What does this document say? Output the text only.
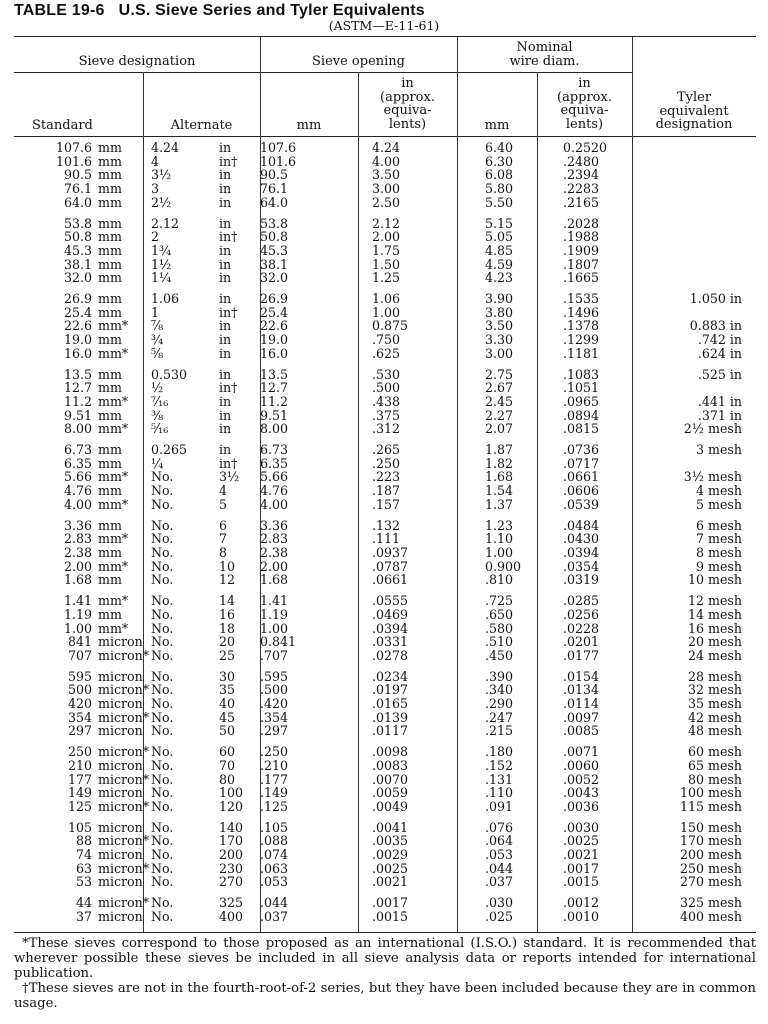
TABLE 19-6 U.S. Sieve Series and Tyler Equivalents
(ASTM—E-11-61)
Sieve designation	Sieve opening
Nominal
wire diam.
Standard	Alternate	mm
in
(approx.
equiva-
lents)	mm
in
(approx.
equiva-
lents)
Tyler
equivalent
designation
107.6 mm	4.24 in	107.6	4.24	6.40	0.2520	
101.6 mm	4 in†	101.6	4.00	6.30	.2480	
90.5 mm	3½ in	90.5	3.50	6.08	.2394	
76.1 mm	3 in	76.1	3.00	5.80	.2283	
64.0 mm	2½ in	64.0	2.50	5.50	.2165	

53.8 mm	2.12 in	53.8	2.12	5.15	.2028	
50.8 mm	2 in†	50.8	2.00	5.05	.1988	
45.3 mm	1¾ in	45.3	1.75	4.85	.1909	
38.1 mm	1½ in	38.1	1.50	4.59	.1807	
32.0 mm	1¼ in	32.0	1.25	4.23	.1665	

26.9 mm	1.06 in	26.9	1.06	3.90	.1535	1.050 in
25.4 mm	1 in†	25.4	1.00	3.80	.1496	
22.6 mm*	⅞ in	22.6	0.875	3.50	.1378	0.883 in
19.0 mm	¾ in	19.0	.750	3.30	.1299	.742 in
16.0 mm*	⅝ in	16.0	.625	3.00	.1181	.624 in

13.5 mm	0.530 in	13.5	.530	2.75	.1083	.525 in
12.7 mm	½ in†	12.7	.500	2.67	.1051	
11.2 mm*	⁷⁄₁₆ in	11.2	.438	2.45	.0965	.441 in
9.51 mm	⅜ in	9.51	.375	2.27	.0894	.371 in
8.00 mm*	⁵⁄₁₆ in	8.00	.312	2.07	.0815	2½ mesh

6.73 mm	0.265 in	6.73	.265	1.87	.0736	3 mesh
6.35 mm	¼ in†	6.35	.250	1.82	.0717	
5.66 mm*	No. 3½	5.66	.223	1.68	.0661	3½ mesh
4.76 mm	No. 4	4.76	.187	1.54	.0606	4 mesh
4.00 mm*	No. 5	4.00	.157	1.37	.0539	5 mesh

3.36 mm	No. 6	3.36	.132	1.23	.0484	6 mesh
2.83 mm*	No. 7	2.83	.111	1.10	.0430	7 mesh
2.38 mm	No. 8	2.38	.0937	1.00	.0394	8 mesh
2.00 mm*	No. 10	2.00	.0787	0.900	.0354	9 mesh
1.68 mm	No. 12	1.68	.0661	.810	.0319	10 mesh

1.41 mm*	No. 14	1.41	.0555	.725	.0285	12 mesh
1.19 mm	No. 16	1.19	.0469	.650	.0256	14 mesh
1.00 mm*	No. 18	1.00	.0394	.580	.0228	16 mesh
841 micron	No. 20	0.841	.0331	.510	.0201	20 mesh
707 micron*	No. 25	.707	.0278	.450	.0177	24 mesh

595 micron	No. 30	.595	.0234	.390	.0154	28 mesh
500 micron*	No. 35	.500	.0197	.340	.0134	32 mesh
420 micron	No. 40	.420	.0165	.290	.0114	35 mesh
354 micron*	No. 45	.354	.0139	.247	.0097	42 mesh
297 micron	No. 50	.297	.0117	.215	.0085	48 mesh

250 micron*	No. 60	.250	.0098	.180	.0071	60 mesh
210 micron	No. 70	.210	.0083	.152	.0060	65 mesh
177 micron*	No. 80	.177	.0070	.131	.0052	80 mesh
149 micron	No. 100	.149	.0059	.110	.0043	100 mesh
125 micron*	No. 120	.125	.0049	.091	.0036	115 mesh

105 micron	No. 140	.105	.0041	.076	.0030	150 mesh
88 micron*	No. 170	.088	.0035	.064	.0025	170 mesh
74 micron	No. 200	.074	.0029	.053	.0021	200 mesh
63 micron*	No. 230	.063	.0025	.044	.0017	250 mesh
53 micron	No. 270	.053	.0021	.037	.0015	270 mesh

44 micron*	No. 325	.044	.0017	.030	.0012	325 mesh
37 micron	No. 400	.037	.0015	.025	.0010	400 mesh

*These sieves correspond to those proposed as an international (I.S.O.) standard. It is recommended that wherever possible these sieves be included in all sieve analysis data or reports intended for international publication.

†These sieves are not in the fourth-root-of-2 series, but they have been included because they are in common usage.
